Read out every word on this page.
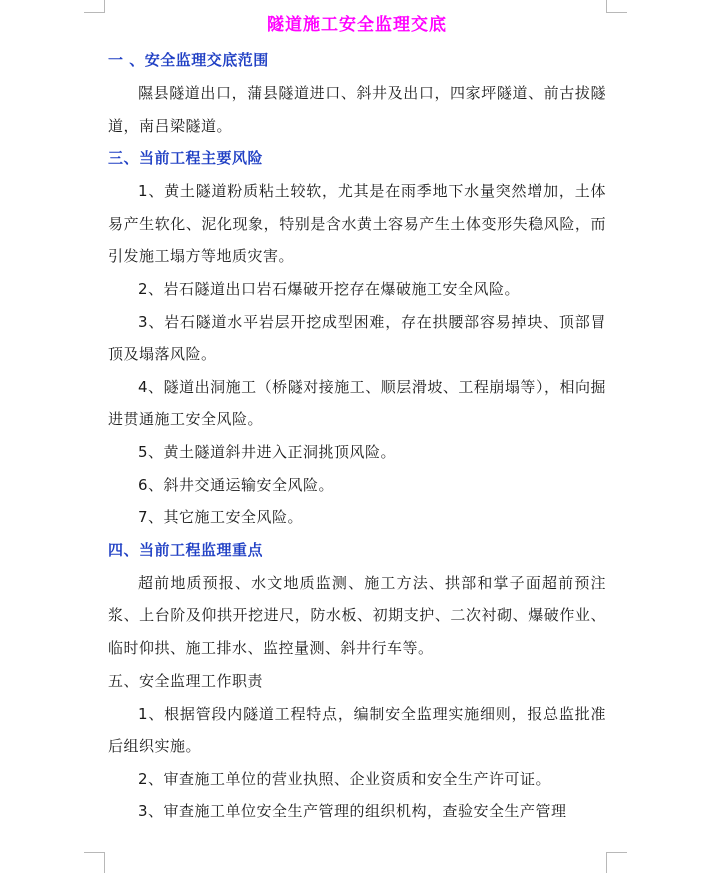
隧道施工安全监理交底
一 、安全监理交底范围
隰县隧道出口，蒲县隧道进口、斜井及出口，四家坪隧道、前古拔隧道，南吕梁隧道。
三、当前工程主要风险
1、黄土隧道粉质粘土较软，尤其是在雨季地下水量突然增加，土体易产生软化、泥化现象，特别是含水黄土容易产生土体变形失稳风险，而引发施工塌方等地质灾害。
2、岩石隧道出口岩石爆破开挖存在爆破施工安全风险。
3、岩石隧道水平岩层开挖成型困难，存在拱腰部容易掉块、顶部冒顶及塌落风险。
4、隧道出洞施工（桥隧对接施工、顺层滑坡、工程崩塌等），相向掘进贯通施工安全风险。
5、黄土隧道斜井进入正洞挑顶风险。
6、斜井交通运输安全风险。
7、其它施工安全风险。
四、当前工程监理重点
超前地质预报、水文地质监测、施工方法、拱部和掌子面超前预注浆、上台阶及仰拱开挖进尺，防水板、初期支护、二次衬砌、爆破作业、临时仰拱、施工排水、监控量测、斜井行车等。
五、安全监理工作职责
1、根据管段内隧道工程特点，编制安全监理实施细则，报总监批准后组织实施。
2、审查施工单位的营业执照、企业资质和安全生产许可证。
3、审查施工单位安全生产管理的组织机构，查验安全生产管理
